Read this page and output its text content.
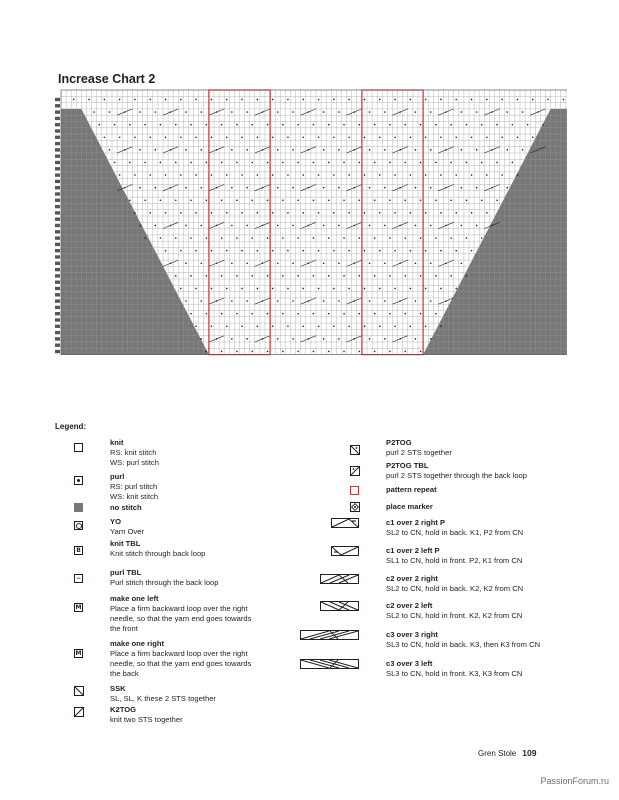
Increase Chart 2
Legend:
knit
RS: knit stitch
WS: purl stitch
purl
RS: purl stitch
WS: knit stitch
no stitch
YO
Yarn Over
knit TBL
Knit stitch through back loop
purl TBL
Purl stitch through the back loop
make one left
Place a firm backward loop over the right
needle, so that the yarn end goes towards
the front
make one right
Place a firm backward loop over the right
needle, so that the yarn end goes towards
the back
SSK
SL, SL, K these 2 STS together
K2TOG
knit two STS together
B
−
M
M
P2TOG
purl 2 STS together
P2TOG TBL
purl 2 STS together through the back loop
pattern repeat
place marker
c1 over 2 right P
SL2 to CN, hold in back. K1, P2 from CN
c1 over 2 left P
SL1 to CN, hold in front. P2, K1 from CN
c2 over 2 right
SL2 to CN, hold in back. K2, K2 from CN
c2 over 2 left
SL2 to CN, hold in front. K2, K2 from CN
c3 over 3 right
SL3 to CN, hold in back. K3, then K3 from CN
c3 over 3 left
SL3 to CN, hold in front. K3, K3 from CN
Gren Stole 109
PassionForum.ru
